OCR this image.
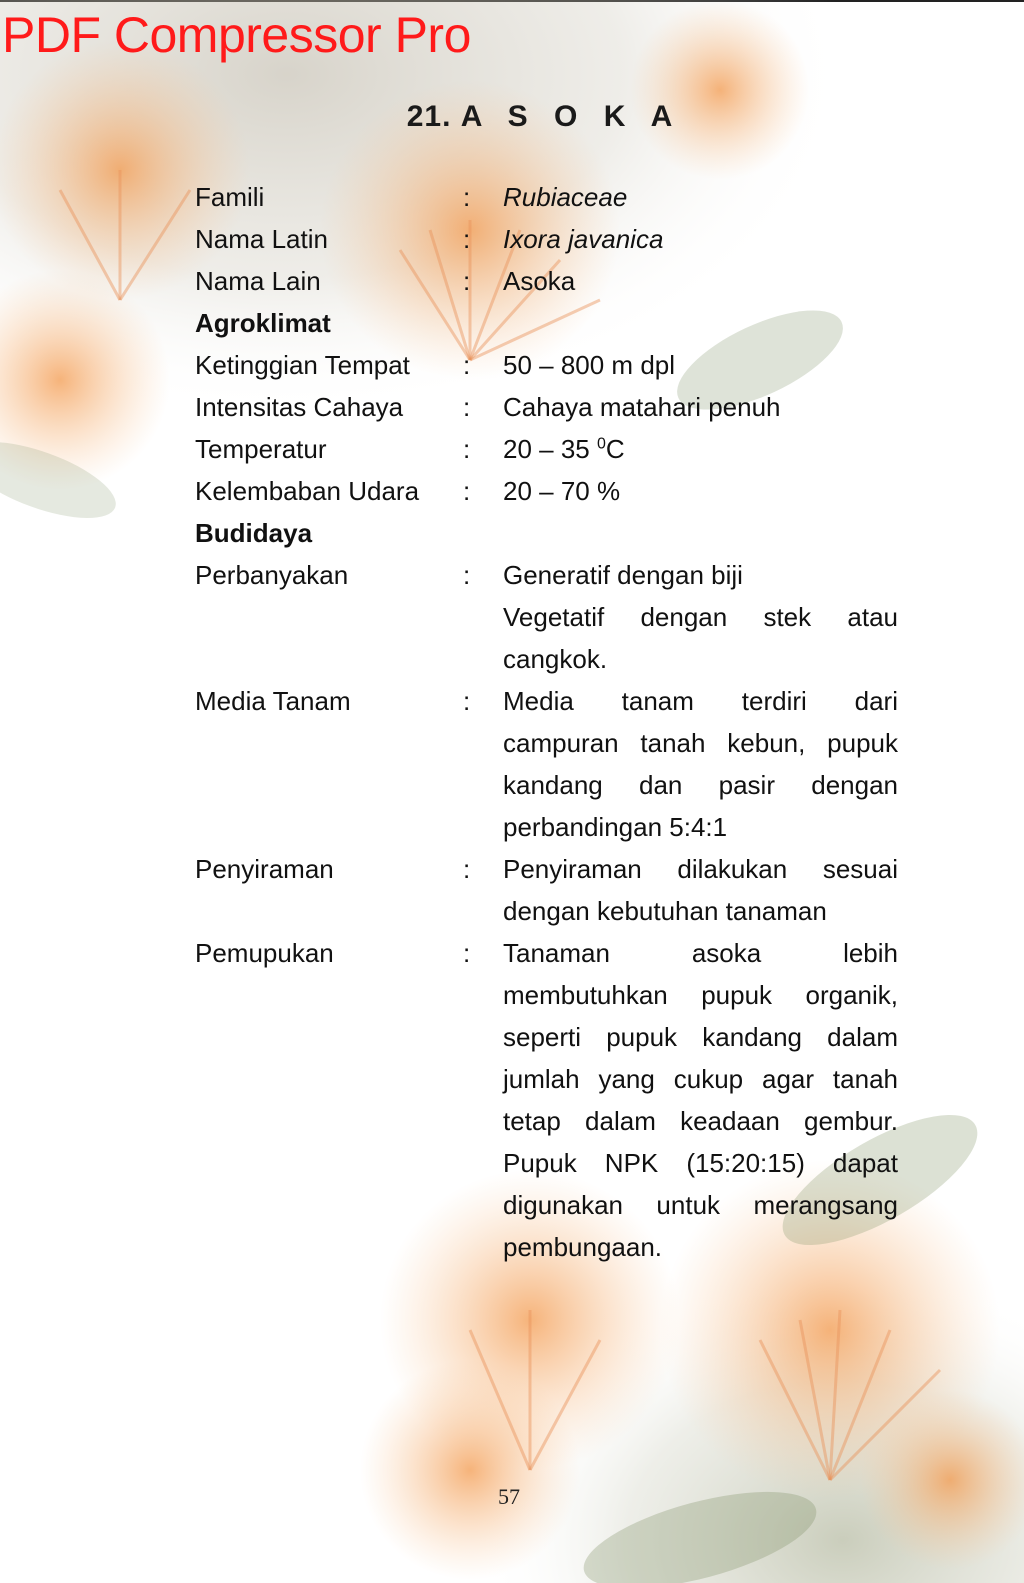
PDF Compressor Pro
21. A S O K A
Famili	:	Rubiaceae
Nama Latin	:	Ixora javanica
Nama Lain	:	Asoka
Agroklimat
Ketinggian Tempat	:	50 – 800 m dpl
Intensitas Cahaya	:	Cahaya matahari penuh
Temperatur	:	20 – 35 $^0$C
Kelembaban Udara	:	20 – 70 %
Budidaya
Perbanyakan	:	Generatif dengan biji
Vegetatif dengan stek atau cangkok.
Media Tanam	:	Media tanam terdiri dari campuran tanah kebun, pupuk kandang dan pasir dengan perbandingan 5:4:1
Penyiraman	:	Penyiraman dilakukan sesuai dengan kebutuhan tanaman
Pemupukan	:	Tanaman asoka lebih membutuhkan pupuk organik, seperti pupuk kandang dalam jumlah yang cukup agar tanah tetap dalam keadaan gembur. Pupuk NPK (15:20:15) dapat digunakan untuk merangsang pembungaan.
57
